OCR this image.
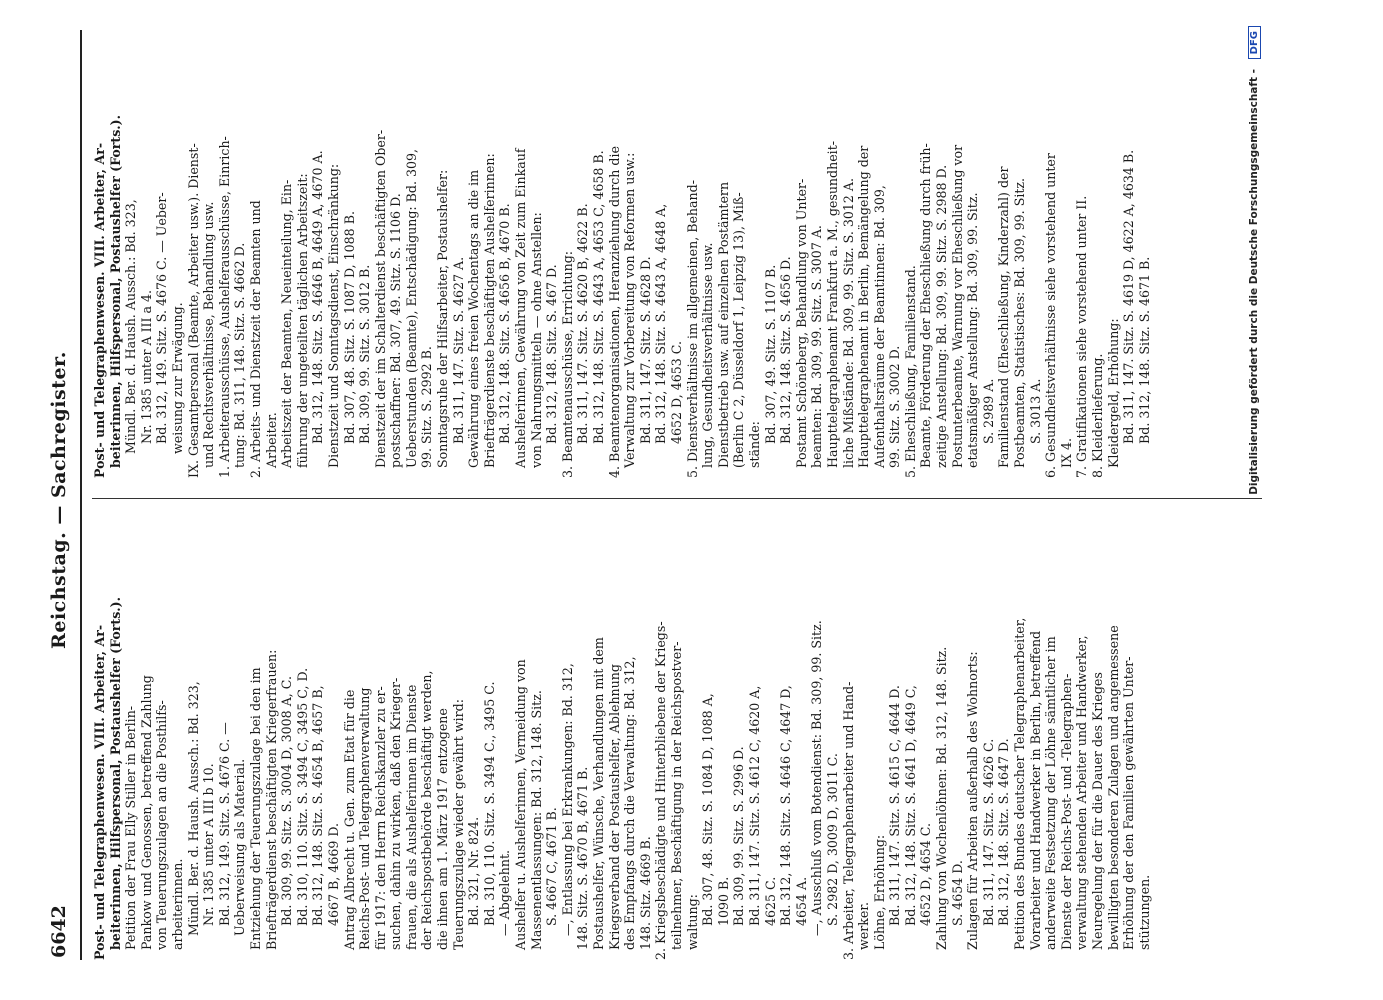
6642
Reichstag. — Sachregister.
Post- und Telegraphenwesen. VIII. Arbeiter, Ar- beiterinnen, Hilfspersonal, Postaushelfer (Forts.). Petition der Frau Elly Stiller in Berlin- Pankow und Genossen, betreffend Zahlung von Teuerungszulagen an die Posthilfs- arbeiterinnen. Mündl. Ber. d. Haush. Aussch.: Bd. 323, Nr. 1385 unter A III b 10. Bd. 312, 149. Sitz. S. 4676 C. — Ueberweisung als Material. Entziehung der Teuerungszulage bei den im Briefträgerdienst beschäftigten Kriegerfrauen: Bd. 309, 99. Sitz. S. 3004 D, 3008 A, C. Bd. 310, 110. Sitz. S. 3494 C, 3495 C, D. Bd. 312, 148. Sitz. S. 4654 B, 4657 B, 4667 B, 4669 D. Antrag Albrecht u. Gen. zum Etat für die Reichs-Post- und Telegraphenverwaltung für 1917: den Herrn Reichskanzler zu er- suchen, dahin zu wirken, daß den Krieger- frauen, die als Aushelferinnen im Dienste der Reichspostbehörde beschäftigt werden, die ihnen am 1. März 1917 entzogene Teuerungszulage wieder gewährt wird: Bd. 321, Nr. 824. Bd. 310, 110. Sitz. S. 3494 C., 3495 C. — Abgelehnt. Aushelfer u. Aushelferinnen, Vermeidung von Massenentlassungen: Bd. 312, 148. Sitz. S. 4667 C, 4671 B. —, Entlassung bei Erkrankungen: Bd. 312, 148. Sitz. S. 4670 B, 4671 B. Postaushelfer, Wünsche, Verhandlungen mit dem Kriegsverband der Postaushelfer, Ablehnung des Empfangs durch die Verwaltung: Bd. 312, 148. Sitz. 4669 B. 2. Kriegsbeschädigte und Hinterbliebene der Kriegs- teilnehmer, Beschäftigung in der Reichspostver- waltung: Bd. 307, 48. Sitz. S. 1084 D, 1088 A, 1090 B. Bd. 309, 99. Sitz. S. 2996 D. Bd. 311, 147. Sitz. S. 4612 C, 4620 A, 4625 C. Bd. 312, 148. Sitz. S. 4646 C, 4647 D, 4654 A. —, Ausschluß vom Botendienst: Bd. 309, 99. Sitz. S. 2982 D, 3009 D, 3011 C. 3. Arbeiter, Telegraphenarbeiter und Hand- werker. Löhne, Erhöhung: Bd. 311, 147. Sitz. S. 4615 C, 4644 D. Bd. 312, 148. Sitz. S. 4641 D, 4649 C, 4652 D, 4654 C. Zahlung von Wochenlöhnen: Bd. 312, 148. Sitz. S. 4654 D. Zulagen für Arbeiten außerhalb des Wohnorts: Bd. 311, 147. Sitz. S. 4626 C. Bd. 312, 148. Sitz. S. 4647 D. Petition des Bundes deutscher Telegraphenarbeiter, Vorarbeiter und Handwerker in Berlin, betreffend anderweite Festsetzung der Löhne sämtlicher im Dienste der Reichs-Post- und -Telegraphen- verwaltung stehenden Arbeiter und Handwerker, Neuregelung der für die Dauer des Krieges bewilligten besonderen Zulagen und angemessene Erhöhung der den Familien gewährten Unter- stützungen.
Post- und Telegraphenwesen. VIII. Arbeiter, Ar- beiterinnen, Hilfspersonal, Postaushelfer (Forts.). Mündl. Ber. d. Haush. Aussch.: Bd. 323, Nr. 1385 unter A III a 4. Bd. 312, 149. Sitz. S. 4676 C. — Ueber- weisung zur Erwägung. IX. Gesamtpersonal (Beamte, Arbeiter usw.). Dienst- und Rechtsverhältnisse, Behandlung usw. 1. Arbeiterausschüsse, Aushelferausschüsse, Einrich- tung: Bd. 311, 148. Sitz. S. 4662 D. 2. Arbeits- und Dienstzeit der Beamten und Arbeiter. Arbeitszeit der Beamten, Neueinteilung, Ein- führung der ungeteilten täglichen Arbeitszeit: Bd. 312, 148. Sitz. S. 4646 B, 4649 A, 4670 A. Dienstzeit und Sonntagsdienst, Einschränkung: Bd. 307, 48. Sitz. S. 1087 D, 1088 B. Bd. 309, 99. Sitz. S. 3012 B. Dienstzeit der im Schalterdienst beschäftigten Ober- postschaffner: Bd. 307, 49. Sitz. S. 1106 D. Ueberstunden (Beamte), Entschädigung: Bd. 309, 99. Sitz. S. 2992 B. Sonntagsruhe der Hilfsarbeiter, Postaushelfer: Bd. 311, 147. Sitz. S. 4627 A. Gewährung eines freien Wochentags an die im Briefträgerdienste beschäftigten Aushelferinnen: Bd. 312, 148. Sitz. S. 4656 B, 4670 B. Aushelferinnen, Gewährung von Zeit zum Einkauf von Nahrungsmitteln — ohne Anstellen: Bd. 312, 148. Sitz. S. 467 D. 3. Beamtenausschüsse, Errichtung: Bd. 311, 147. Sitz. S. 4620 B, 4622 B. Bd. 312, 148. Sitz. S. 4643 A, 4653 C, 4658 B. 4. Beamtenorganisationen, Heranziehung durch die Verwaltung zur Vorbereitung von Reformen usw.: Bd. 311, 147. Sitz. S. 4628 D. Bd. 312, 148. Sitz. S. 4643 A, 4648 A, 4652 D, 4653 C. 5. Dienstverhältnisse im allgemeinen, Behand- lung, Gesundheitsverhältnisse usw. Dienstbetrieb usw. auf einzelnen Postämtern (Berlin C 2, Düsseldorf 1, Leipzig 13), Miß- stände:
Bd. 307, 49. Sitz. S. 1107 B. Bd. 312, 148. Sitz. S. 4656 D. Postamt Schöneberg, Behandlung von Unter- beamten: Bd. 309, 99. Sitz. S. 3007 A. Haupttelegraphenamt Frankfurt a. M., gesundheit- liche Mißstände: Bd. 309, 99. Sitz. S. 3012 A. Haupttelegraphenamt in Berlin, Bemängelung der Aufenthaltsräume der Beamtinnen: Bd. 309, 99. Sitz. S. 3002 D. 5. Eheschließung, Familienstand. Beamte, Förderung der Eheschließung durch früh- zeitige Anstellung: Bd. 309, 99. Sitz. S. 2988 D. Postunterbeamte, Warnung vor Eheschließung vor etatsmäßiger Anstellung: Bd. 309, 99. Sitz. S. 2989 A. Familienstand (Eheschließung, Kinderzahl) der Postbeamten, Statistisches: Bd. 309, 99. Sitz. S. 3013 A. 6. Gesundheitsverhältnisse siehe vorstehend unter IX 4. 7. Gratifikationen siehe vorstehend unter II. 8. Kleiderlieferung. Kleidergeld, Erhöhung: Bd. 311, 147. Sitz. S. 4619 D, 4622 A, 4634 B. Bd. 312, 148. Sitz. S. 4671 B.	Digitalisierung gefördert durch die Deutsche Forschungsgemeinschaft - DFG
